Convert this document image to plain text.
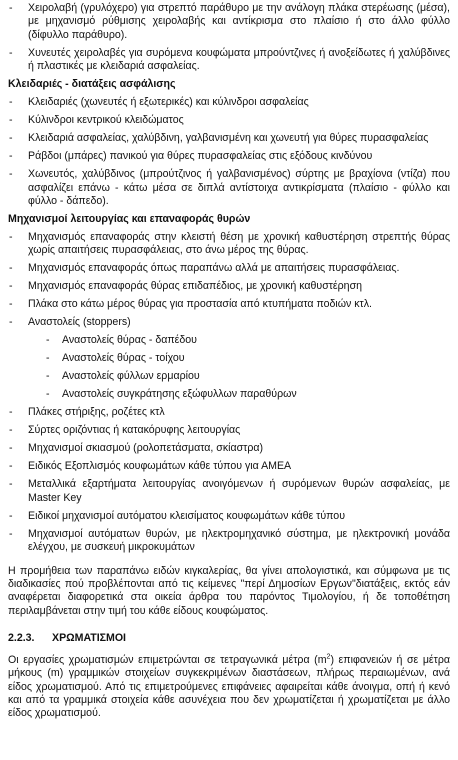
- Χειρολαβή (γρυλόχερο) για στρεπτό παράθυρο με την ανάλογη πλάκα στερέωσης (μέσα), με μηχανισμό ρύθμισης χειρολαβής και αντίκρισμα στο πλαίσιο ή στο άλλο φύλλο (δίφυλλο παράθυρο).
- Χυνευτές χειρολαβές για συρόμενα κουφώματα μπρούντζινες ή ανοξείδωτες ή χαλύβδινες ή πλαστικές με κλειδαριά ασφαλείας.
Κλειδαριές - διατάξεις ασφάλισης
- Κλειδαριές (χωνευτές ή εξωτερικές) και κύλινδροι ασφαλείας
- Κύλινδροι κεντρικού κλειδώματος
- Κλειδαριά ασφαλείας, χαλύβδινη, γαλβανισμένη και χωνευτή για θύρες πυρασφαλείας
- Ράβδοι (μπάρες) πανικού για θύρες πυρασφαλείας στις εξόδους κινδύνου
- Χωνευτός, χαλύβδινος (μπρούτζινος ή γαλβανισμένος) σύρτης με βραχίονα (ντίζα) που ασφαλίζει επάνω - κάτω μέσα σε διπλά αντίστοιχα αντικρίσματα (πλαίσιο - φύλλο και φύλλο - δάπεδο).
Μηχανισμοί λειτουργίας και επαναφοράς θυρών
- Μηχανισμός επαναφοράς στην κλειστή θέση με χρονική καθυστέρηση στρεπτής θύρας χωρίς απαιτήσεις πυρασφάλειας, στο άνω μέρος της θύρας.
- Μηχανισμός επαναφοράς όπως παραπάνω αλλά με απαιτήσεις πυρασφάλειας.
- Μηχανισμός επαναφοράς θύρας επιδαπέδιος, με χρονική καθυστέρηση
- Πλάκα στο κάτω μέρος θύρας για προστασία από κτυπήματα ποδιών κτλ.
- Αναστολείς (stoppers)
- Αναστολείς θύρας - δαπέδου
- Αναστολείς θύρας - τοίχου
- Αναστολείς φύλλων ερμαρίου
- Αναστολείς συγκράτησης εξώφυλλων παραθύρων
- Πλάκες στήριξης, ροζέτες κτλ
- Σύρτες οριζόντιας ή κατακόρυφης λειτουργίας
- Μηχανισμοί σκιασμού (ρολοπετάσματα, σκίαστρα)
- Ειδικός Εξοπλισμός κουφωμάτων κάθε τύπου για ΑΜΕΑ
- Μεταλλικά εξαρτήματα λειτουργίας ανοιγόμενων ή συρόμενων θυρών ασφαλείας, με Master Key
- Ειδικοί μηχανισμοί αυτόματου κλεισίματος κουφωμάτων κάθε τύπου
- Μηχανισμοί αυτόματων θυρών, με ηλεκτρομηχανικό σύστημα, με ηλεκτρονική μονάδα ελέγχου, με συσκευή μικροκυμάτων
Η προμήθεια των παραπάνω ειδών κιγκαλερίας, θα γίνει απολογιστικά, και σύμφωνα με τις διαδικασίες πού προβλέπονται από τις κείμενες "περί Δημοσίων Εργων"διατάξεις, εκτός εάν αναφέρεται διαφορετικά στα οικεία άρθρα του παρόντος Τιμολογίου, ή δε τοποθέτηση περιλαμβάνεται στην τιμή του κάθε είδους κουφώματος.
2.2.3. ΧΡΩΜΑΤΙΣΜΟΙ
Οι εργασίες χρωματισμών επιμετρώνται σε τετραγωνικά μέτρα $(m^2)$ επιφανειών ή σε μέτρα μήκους (m) γραμμικών στοιχείων συγκεκριμένων διαστάσεων, πλήρως περαιωμένων, ανά είδος χρωματισμού. Από τις επιμετρούμενες επιφάνειες αφαιρείται κάθε άνοιγμα, οπή ή κενό και από τα γραμμικά στοιχεία κάθε ασυνέχεια που δεν χρωματίζεται ή χρωματίζεται με άλλο είδος χρωματισμού.
